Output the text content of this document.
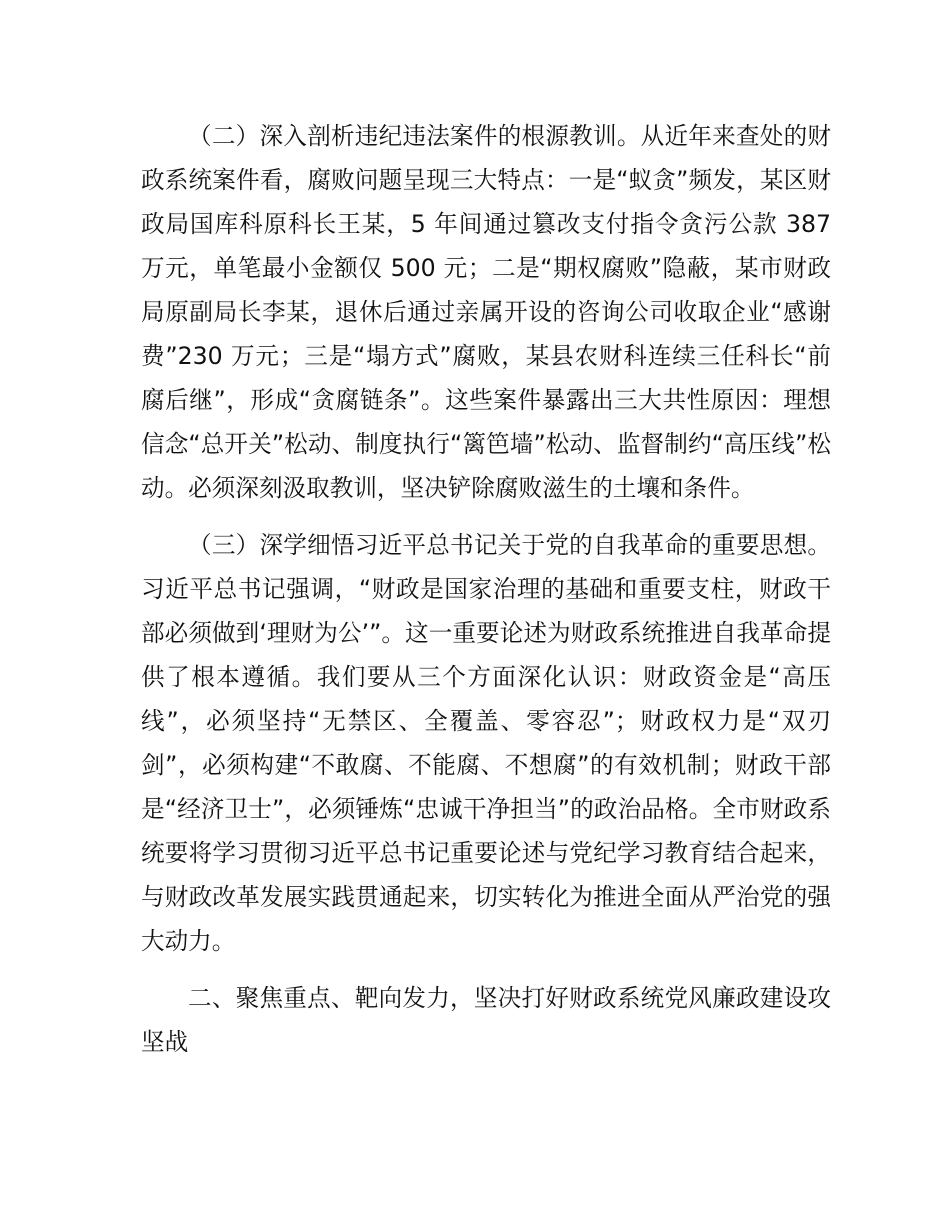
（二）深入剖析违纪违法案件的根源教训。从近年来查处的财政系统案件看，腐败问题呈现三大特点：一是“蚁贪”频发，某区财政局国库科原科长王某，5 年间通过篡改支付指令贪污公款 387 万元，单笔最小金额仅 500 元；二是“期权腐败”隐蔽，某市财政局原副局长李某，退休后通过亲属开设的咨询公司收取企业“感谢费”230 万元；三是“塌方式”腐败，某县农财科连续三任科长“前腐后继”，形成“贪腐链条”。这些案件暴露出三大共性原因：理想信念“总开关”松动、制度执行“篱笆墙”松动、监督制约“高压线”松动。必须深刻汲取教训，坚决铲除腐败滋生的土壤和条件。

（三）深学细悟习近平总书记关于党的自我革命的重要思想。习近平总书记强调，“财政是国家治理的基础和重要支柱，财政干部必须做到‘理财为公’”。这一重要论述为财政系统推进自我革命提供了根本遵循。我们要从三个方面深化认识：财政资金是“高压线”，必须坚持“无禁区、全覆盖、零容忍”；财政权力是“双刃剑”，必须构建“不敢腐、不能腐、不想腐”的有效机制；财政干部是“经济卫士”，必须锤炼“忠诚干净担当”的政治品格。全市财政系统要将学习贯彻习近平总书记重要论述与党纪学习教育结合起来，与财政改革发展实践贯通起来，切实转化为推进全面从严治党的强大动力。

二、聚焦重点、靶向发力，坚决打好财政系统党风廉政建设攻坚战
